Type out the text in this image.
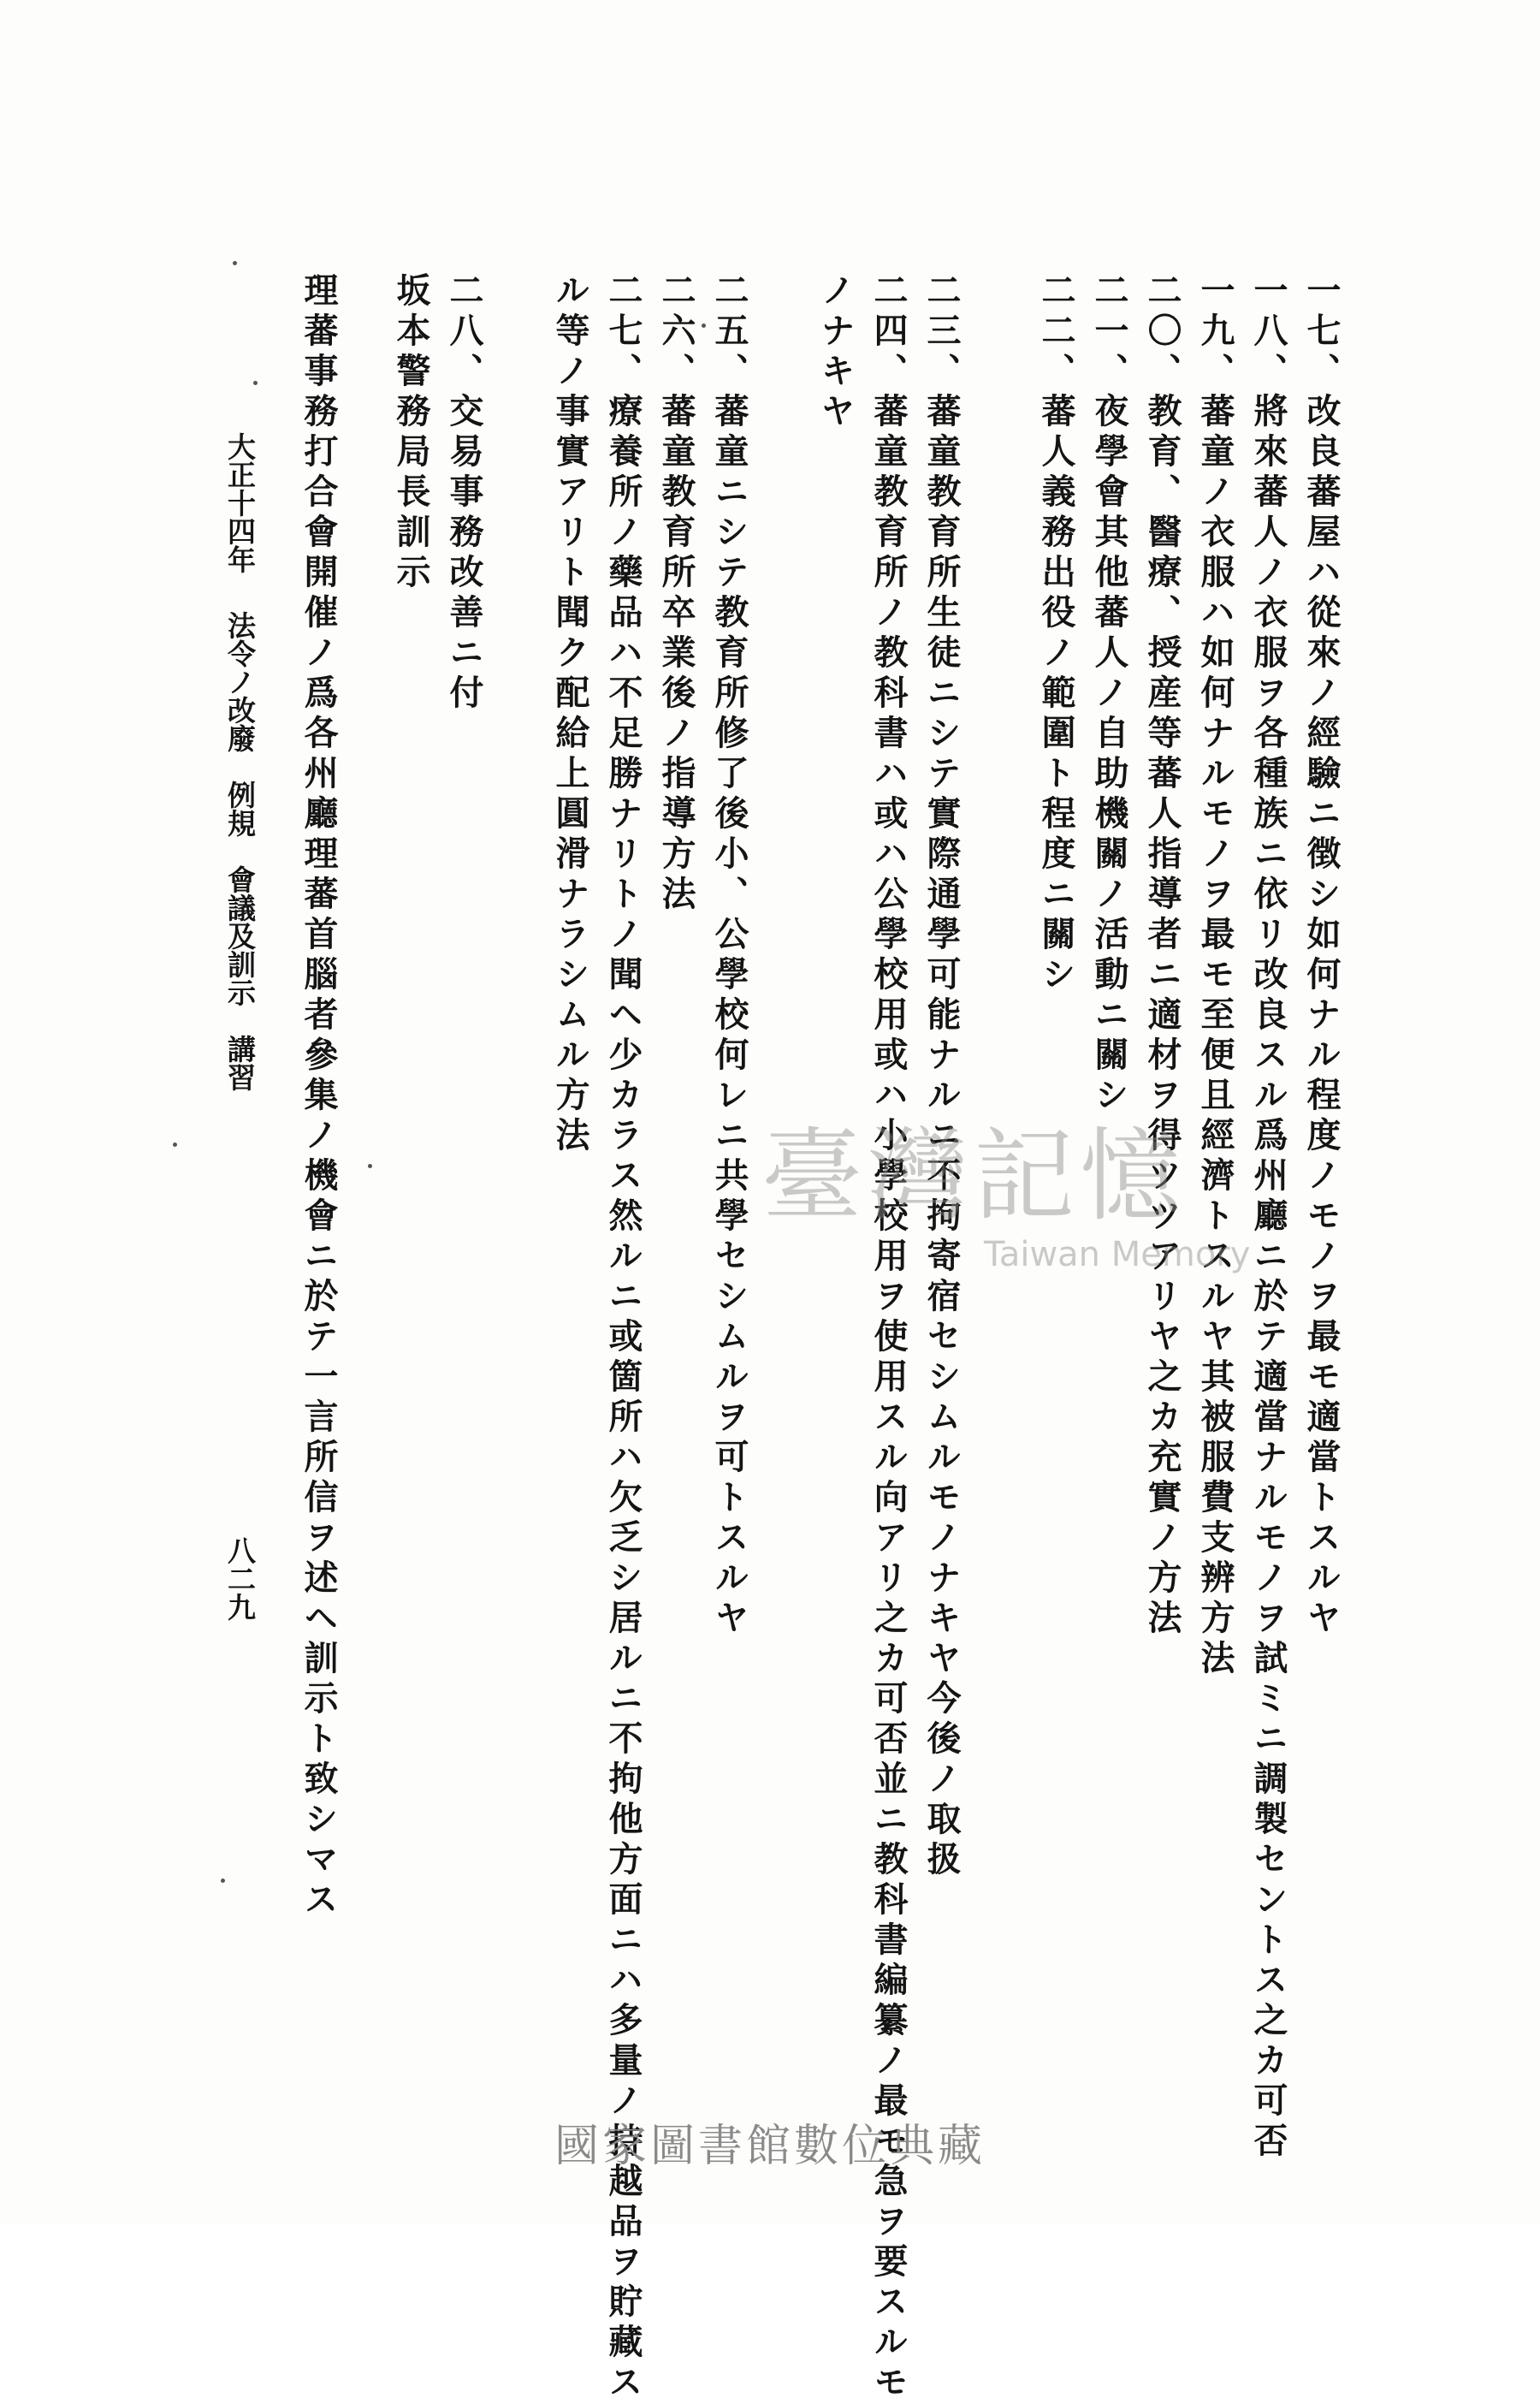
一七、改良蕃屋ハ從來ノ經驗ニ徴シ如何ナル程度ノモノヲ最モ適當トスルヤ
一八、將來蕃人ノ衣服ヲ各種族ニ依リ改良スル爲州廳ニ於テ適當ナルモノヲ試ミニ調製セントス之カ可否
一九、蕃童ノ衣服ハ如何ナルモノヲ最モ至便且經濟トスルヤ其被服費支辨方法
二〇、教育、醫療、授産等蕃人指導者ニ適材ヲ得ツツアリヤ之カ充實ノ方法
二一、夜學會其他蕃人ノ自助機關ノ活動ニ關シ
二二、蕃人義務出役ノ範圍ト程度ニ關シ
二三、蕃童教育所生徒ニシテ實際通學可能ナルニ不拘寄宿セシムルモノナキヤ今後ノ取扱
二四、蕃童教育所ノ教科書ハ或ハ公學校用或ハ小學校用ヲ使用スル向アリ之カ可否並ニ教科書編纂ノ最モ急ヲ要スルモ
ノナキヤ
二五、蕃童ニシテ教育所修了後小、公學校何レニ共學セシムルヲ可トスルヤ
二六、蕃童教育所卒業後ノ指導方法
二七、療養所ノ藥品ハ不足勝ナリトノ聞ヘ少カラス然ルニ或箇所ハ欠乏シ居ルニ不拘他方面ニハ多量ノ持越品ヲ貯藏ス
ル等ノ事實アリト聞ク配給上圓滑ナラシムル方法
二八、交易事務改善ニ付
坂本警務局長訓示
理蕃事務打合會開催ノ爲各州廳理蕃首腦者參集ノ機會ニ於テ一言所信ヲ述ヘ訓示ト致シマス
大正十四年法令ノ改廢　例規　會議及訓示　講習
八二九
臺灣記憶
Taiwan Memory
國家圖書館數位典藏
